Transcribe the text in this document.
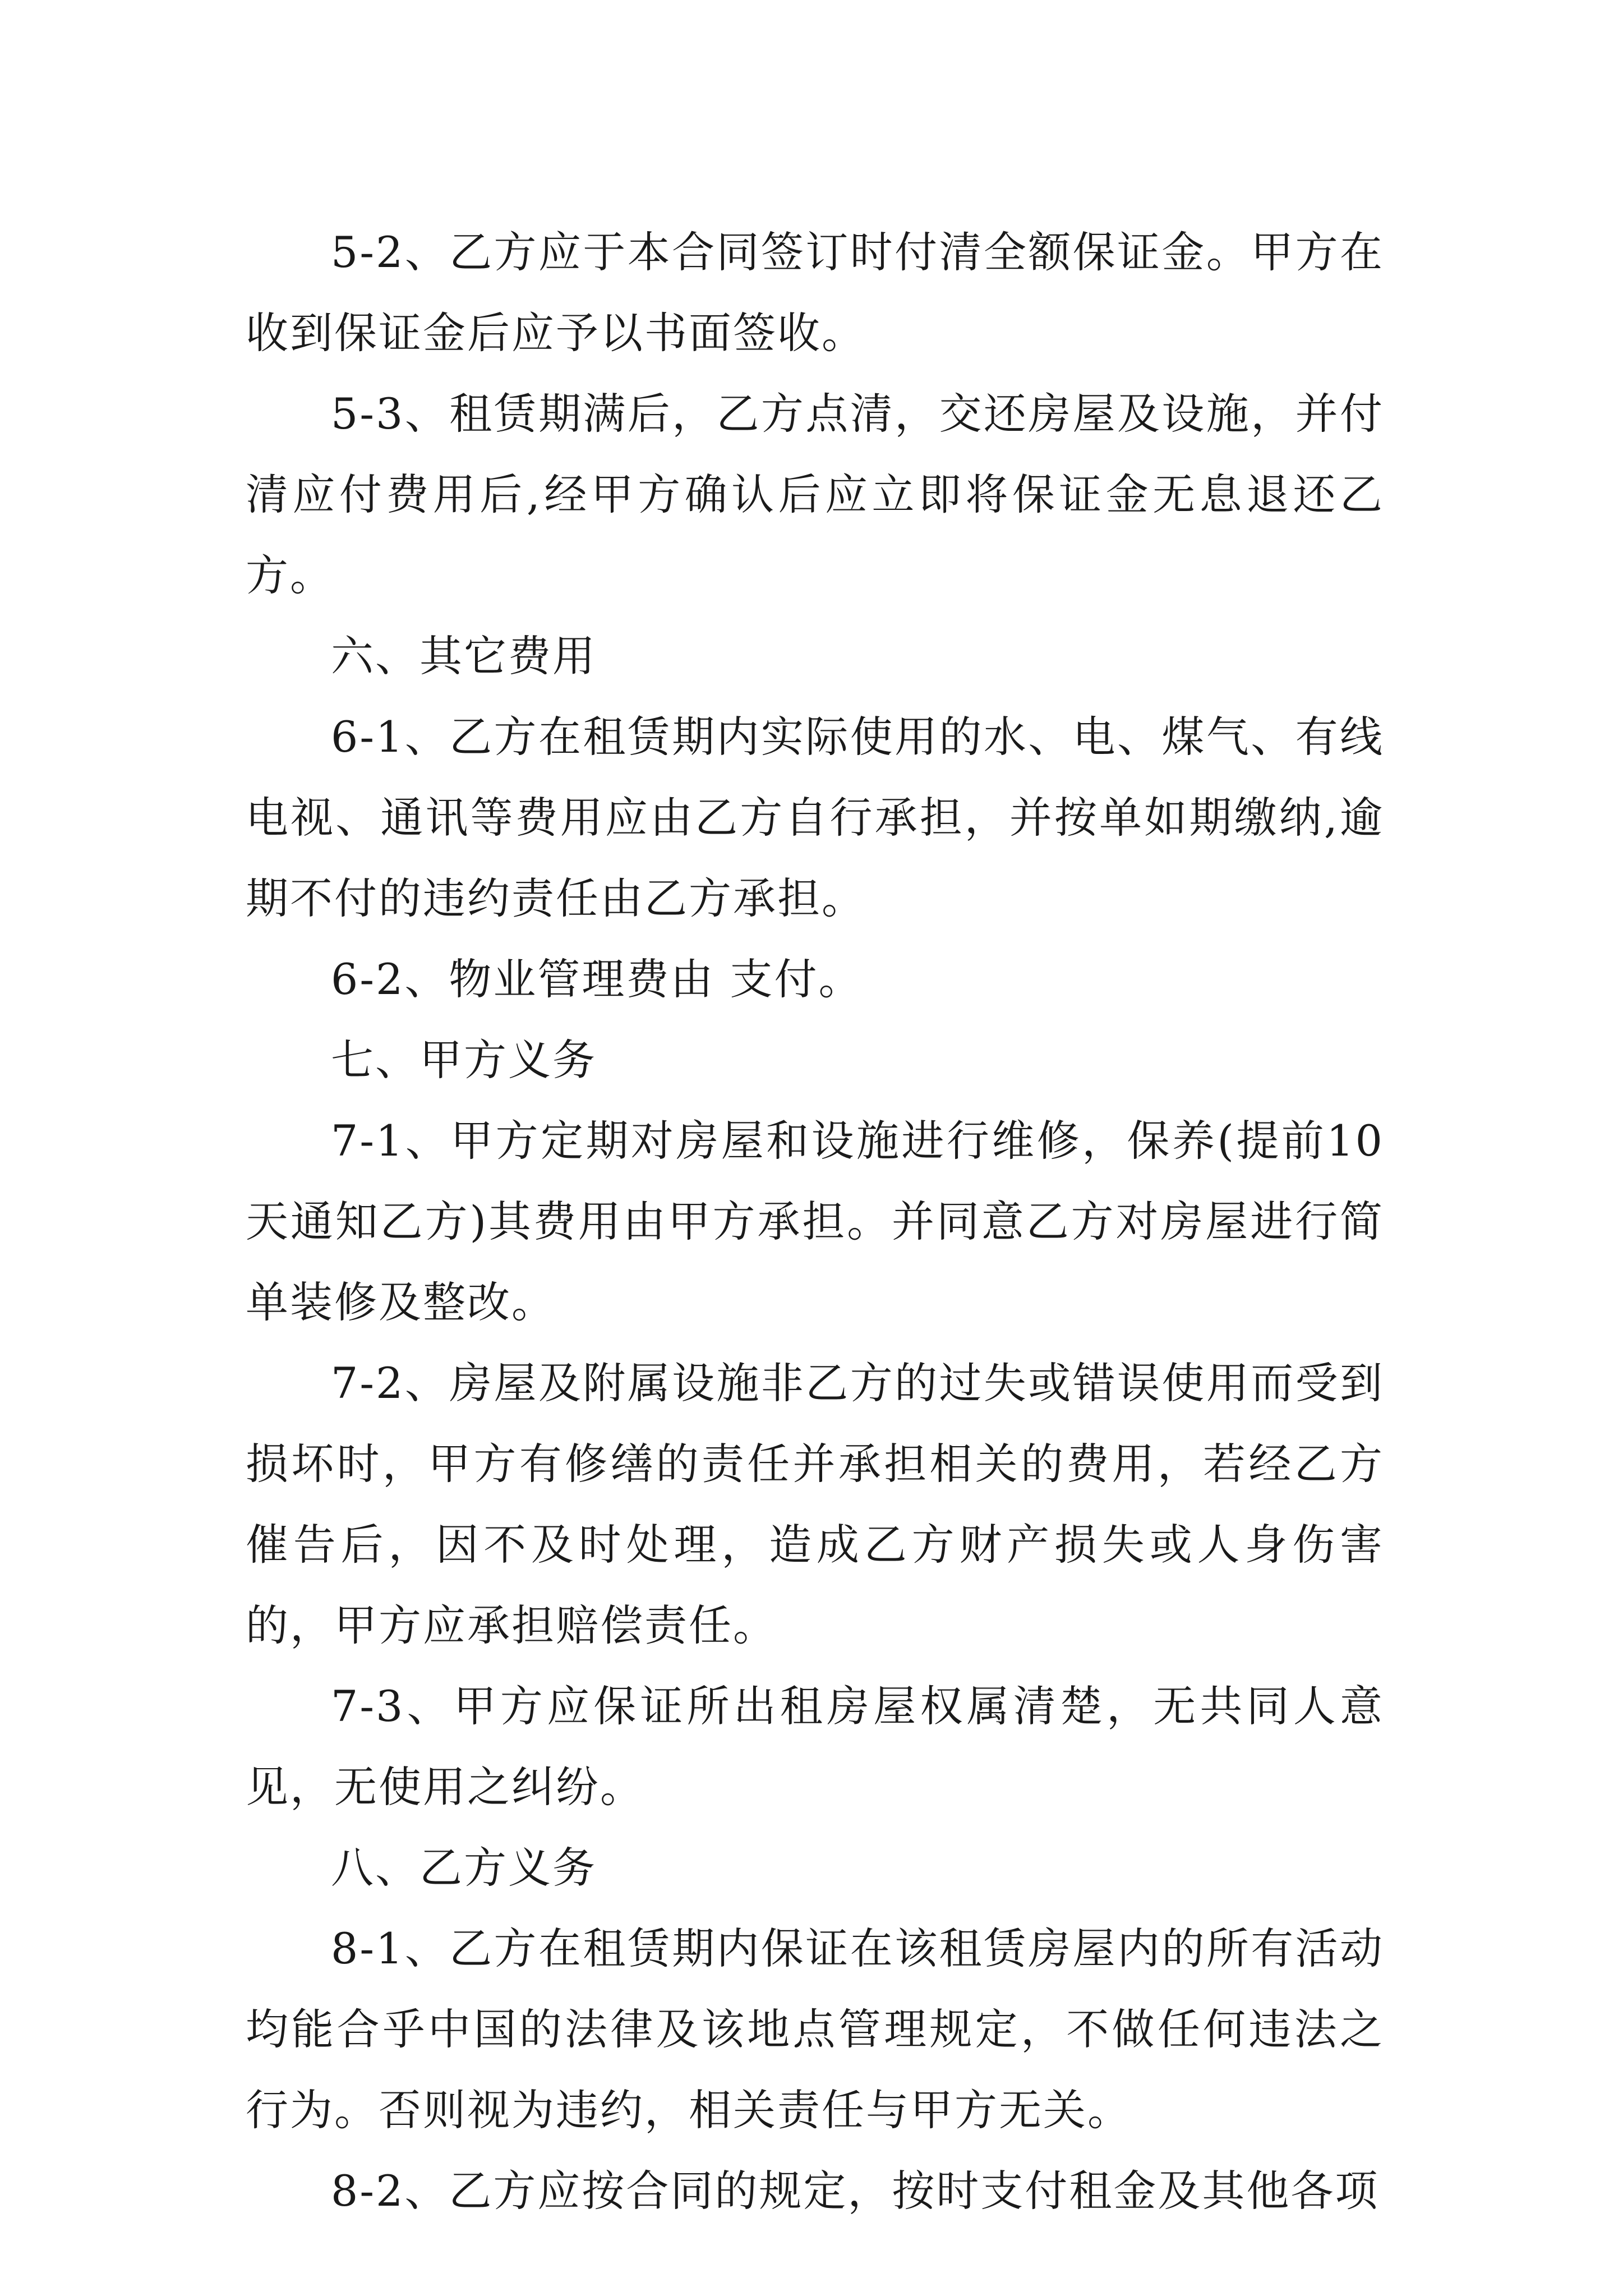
5-2、乙方应于本合同签订时付清全额保证金。甲方在收到保证金后应予以书面签收。

5-3、租赁期满后，乙方点清，交还房屋及设施，并付清应付费用后,经甲方确认后应立即将保证金无息退还乙方。

六、其它费用

6-1、乙方在租赁期内实际使用的水、电、煤气、有线电视、通讯等费用应由乙方自行承担，并按单如期缴纳,逾期不付的违约责任由乙方承担。

6-2、物业管理费由 支付。

七、甲方义务

7-1、甲方定期对房屋和设施进行维修，保养(提前10天通知乙方)其费用由甲方承担。并同意乙方对房屋进行简单装修及整改。

7-2、房屋及附属设施非乙方的过失或错误使用而受到损坏时，甲方有修缮的责任并承担相关的费用，若经乙方催告后，因不及时处理，造成乙方财产损失或人身伤害的，甲方应承担赔偿责任。

7-3、甲方应保证所出租房屋权属清楚，无共同人意见，无使用之纠纷。

八、乙方义务

8-1、乙方在租赁期内保证在该租赁房屋内的所有活动均能合乎中国的法律及该地点管理规定，不做任何违法之行为。否则视为违约，相关责任与甲方无关。

8-2、乙方应按合同的规定，按时支付租金及其他各项
